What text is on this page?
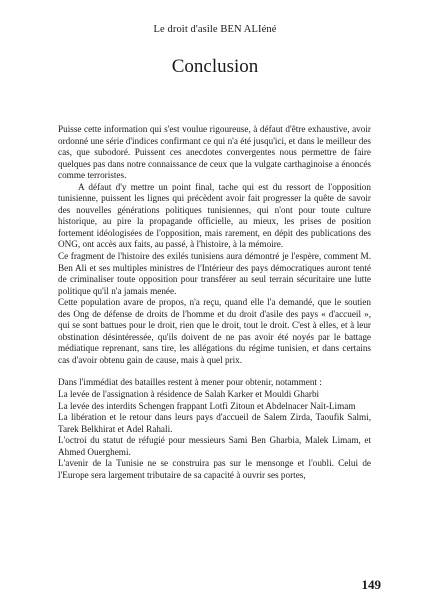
Le droit d'asile BEN ALIéné
Conclusion

Puisse cette information qui s'est voulue rigoureuse, à défaut d'être exhaustive, avoir ordonné une série d'indices confirmant ce qui n'a été jusqu'ici, et dans le meilleur des cas, que subodoré. Puissent ces anecdotes convergentes nous permettre de faire quelques pas dans notre connaissance de ceux que la vulgate carthaginoise a énoncés comme terroristes.

A défaut d'y mettre un point final, tache qui est du ressort de l'opposition tunisienne, puissent les lignes qui précèdent avoir fait progresser la quête de savoir des nouvelles générations politiques tunisiennes, qui n'ont pour toute culture historique, au pire la propagande officielle, au mieux, les prises de position fortement idéologisées de l'opposition, mais rarement, en dépit des publications des ONG, ont accès aux faits, au passé, à l'histoire, à la mémoire.

Ce fragment de l'histoire des exilés tunisiens aura démontré je l'espère, comment M. Ben Ali et ses multiples ministres de l'Intérieur des pays démocratiques auront tenté de criminaliser toute opposition pour transférer au seul terrain sécuritaire une lutte politique qu'il n'a jamais menée.

Cette population avare de propos, n'a reçu, quand elle l'a demandé, que le soutien des Ong de défense de droits de l'homme et du droit d'asile des pays « d'accueil », qui se sont battues pour le droit, rien que le droit, tout le droit. C'est à elles, et à leur obstination désintéressée, qu'ils doivent de ne pas avoir été noyés par le battage médiatique reprenant, sans tire, les allégations du régime tunisien, et dans certains cas d'avoir obtenu gain de cause, mais à quel prix.

Dans l'immédiat des batailles restent à mener pour obtenir, notamment :

La levée de l'assignation à résidence de Salah Karker et Mouldi Gharbi

La levée des interdits Schengen frappant Lotfi Zitoun et Abdelnacer Naït-Limam

La libération et le retour dans leurs pays d'accueil de Salem Zirda, Taoufik Salmi, Tarek Belkhirat et Adel Rahali.

L'octroi du statut de réfugié pour messieurs Sami Ben Gharbia, Malek Limam, et Ahmed Ouerghemi.

L'avenir de la Tunisie ne se construira pas sur le mensonge et l'oubli. Celui de l'Europe sera largement tributaire de sa capacité à ouvrir ses portes,

149
